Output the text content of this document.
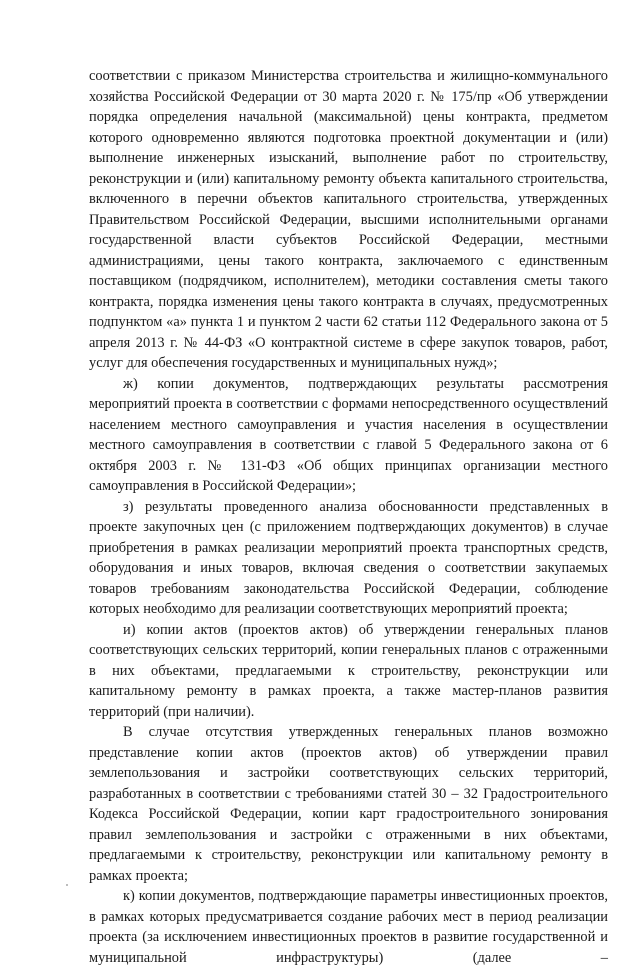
соответствии с приказом Министерства строительства и жилищно-коммунального хозяйства Российской Федерации от 30 марта 2020 г. № 175/пр «Об утверждении порядка определения начальной (максимальной) цены контракта, предметом которого одновременно являются подготовка проектной документации и (или) выполнение инженерных изысканий, выполнение работ по строительству, реконструкции и (или) капитальному ремонту объекта капитального строительства, включенного в перечни объектов капитального строительства, утвержденных Правительством Российской Федерации, высшими исполнительными органами государственной власти субъектов Российской Федерации, местными администрациями, цены такого контракта, заключаемого с единственным поставщиком (подрядчиком, исполнителем), методики составления сметы такого контракта, порядка изменения цены такого контракта в случаях, предусмотренных подпунктом «а» пункта 1 и пунктом 2 части 62 статьи 112 Федерального закона от 5 апреля 2013 г. № 44-ФЗ «О контрактной системе в сфере закупок товаров, работ, услуг для обеспечения государственных и муниципальных нужд»;

ж) копии документов, подтверждающих результаты рассмотрения мероприятий проекта в соответствии с формами непосредственного осуществлений населением местного самоуправления и участия населения в осуществлении местного самоуправления в соответствии с главой 5 Федерального закона от 6 октября 2003 г. № 131-ФЗ «Об общих принципах организации местного самоуправления в Российской Федерации»;

з) результаты проведенного анализа обоснованности представленных в проекте закупочных цен (с приложением подтверждающих документов) в случае приобретения в рамках реализации мероприятий проекта транспортных средств, оборудования и иных товаров, включая сведения о соответствии закупаемых товаров требованиям законодательства Российской Федерации, соблюдение которых необходимо для реализации соответствующих мероприятий проекта;

и) копии актов (проектов актов) об утверждении генеральных планов соответствующих сельских территорий, копии генеральных планов с отраженными в них объектами, предлагаемыми к строительству, реконструкции или капитальному ремонту в рамках проекта, а также мастер-планов развития территорий (при наличии).

В случае отсутствия утвержденных генеральных планов возможно представление копии актов (проектов актов) об утверждении правил землепользования и застройки соответствующих сельских территорий, разработанных в соответствии с требованиями статей 30 – 32 Градостроительного Кодекса Российской Федерации, копии карт градостроительного зонирования правил землепользования и застройки с отраженными в них объектами, предлагаемыми к строительству, реконструкции или капитальному ремонту в рамках проекта;

к) копии документов, подтверждающие параметры инвестиционных проектов, в рамках которых предусматривается создание рабочих мест в период реализации проекта (за исключением инвестиционных проектов в развитие государственной и муниципальной инфраструктуры) (далее –
